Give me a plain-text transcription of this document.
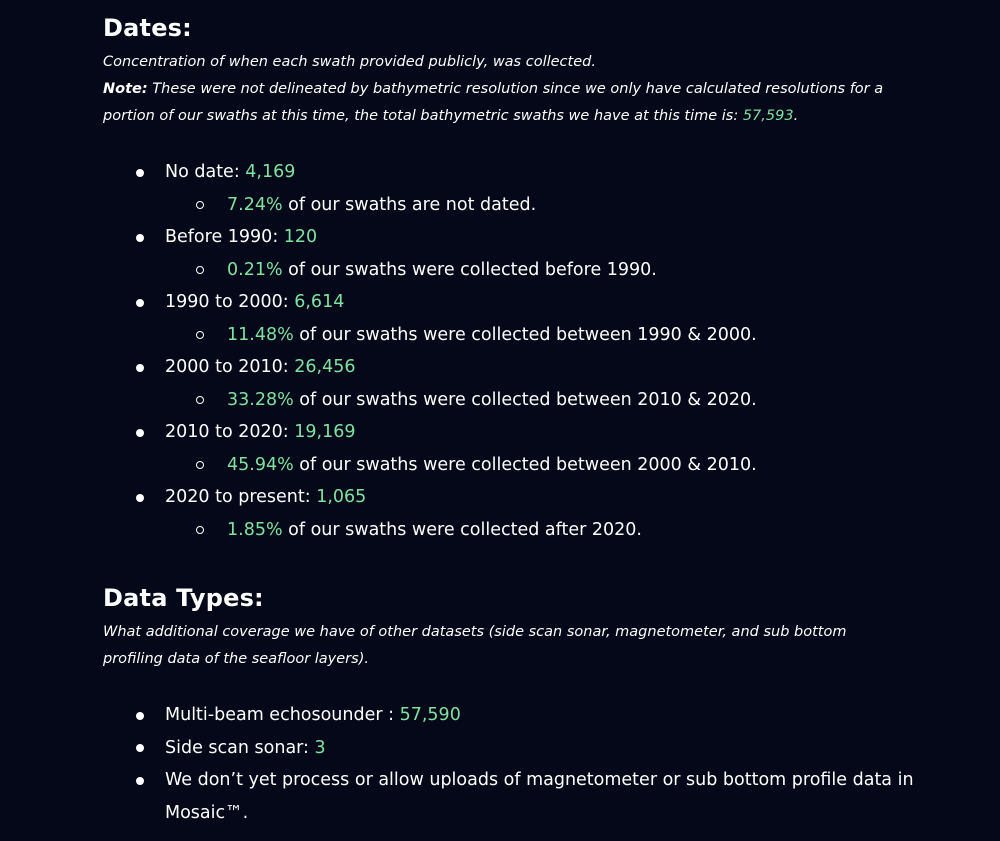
Dates:
Concentration of when each swath provided publicly, was collected.
Note: These were not delineated by bathymetric resolution since we only have calculated resolutions for a portion of our swaths at this time, the total bathymetric swaths we have at this time is: 57,593.
No date: 4,169
7.24% of our swaths are not dated.
Before 1990: 120
0.21% of our swaths were collected before 1990.
1990 to 2000: 6,614
11.48% of our swaths were collected between 1990 & 2000.
2000 to 2010: 26,456
33.28% of our swaths were collected between 2010 & 2020.
2010 to 2020: 19,169
45.94% of our swaths were collected between 2000 & 2010.
2020 to present: 1,065
1.85% of our swaths were collected after 2020.
Data Types:
What additional coverage we have of other datasets (side scan sonar, magnetometer, and sub bottom profiling data of the seafloor layers).
Multi-beam echosounder : 57,590
Side scan sonar: 3
We don’t yet process or allow uploads of magnetometer or sub bottom profile data in Mosaic™.
